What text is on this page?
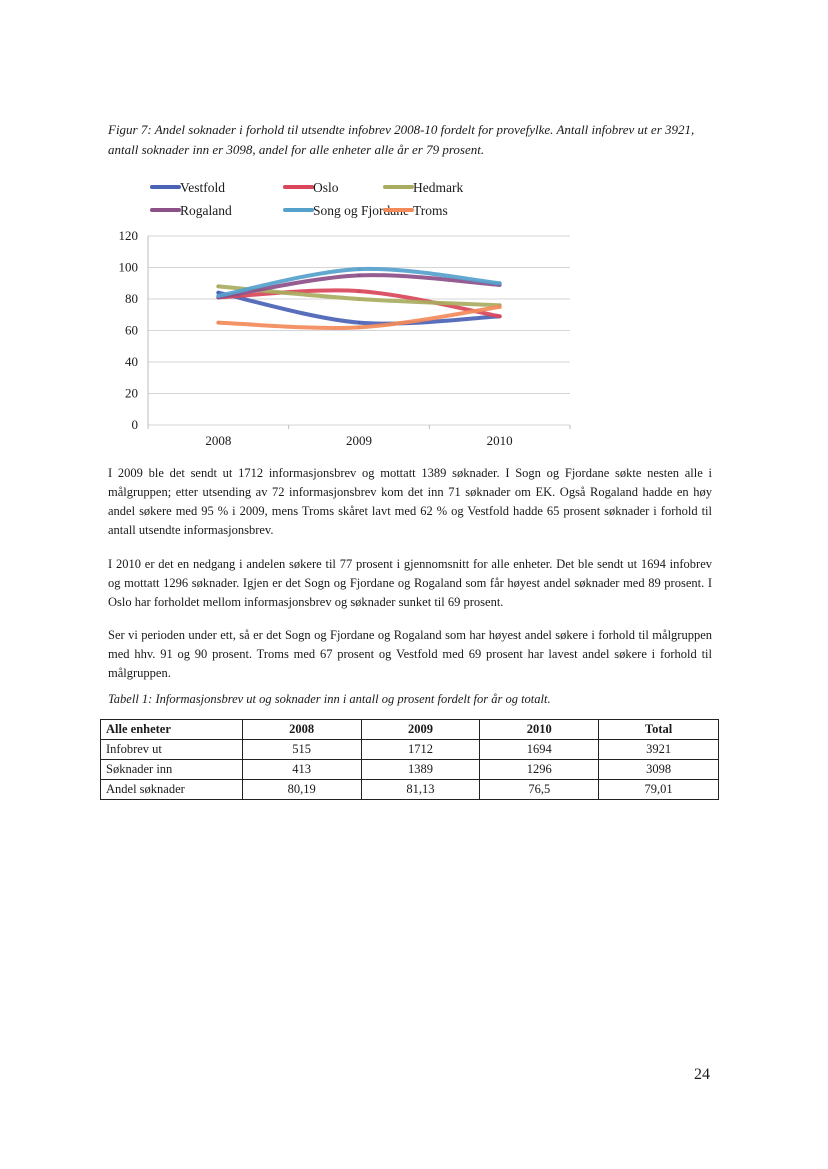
Figur 7: Andel soknader i forhold til utsendte infobrev 2008-10 fordelt for provefylke. Antall infobrev ut er 3921, antall soknader inn er 3098, andel for alle enheter alle år er 79 prosent.
0
20
40
60
80
100
120
2008	2009	2010
Vestfold	Oslo	Hedmark
Rogaland	Song og Fjordane Troms

I 2009 ble det sendt ut 1712 informasjonsbrev og mottatt 1389 søknader. I Sogn og Fjordane søkte nesten alle i målgruppen; etter utsending av 72 informasjonsbrev kom det inn 71 søknader om EK. Også Rogaland hadde en høy andel søkere med 95 % i 2009, mens Troms skåret lavt med 62 % og Vestfold hadde 65 prosent søknader i forhold til antall utsendte informasjonsbrev.

I 2010 er det en nedgang i andelen søkere til 77 prosent i gjennomsnitt for alle enheter. Det ble sendt ut 1694 infobrev og mottatt 1296 søknader. Igjen er det Sogn og Fjordane og Rogaland som får høyest andel søknader med 89 prosent. I Oslo har forholdet mellom informasjonsbrev og søknader sunket til 69 prosent.

Ser vi perioden under ett, så er det Sogn og Fjordane og Rogaland som har høyest andel søkere i forhold til målgruppen med hhv. 91 og 90 prosent. Troms med 67 prosent og Vestfold med 69 prosent har lavest andel søkere i forhold til målgruppen.

Tabell 1: Informasjonsbrev ut og soknader inn i antall og prosent fordelt for år og totalt.
Alle enheter	2008	2009	2010	Total
Infobrev ut	515	1712	1694	3921
Søknader inn	413	1389	1296	3098
Andel søknader	80,19	81,13	76,5	79,01
24
